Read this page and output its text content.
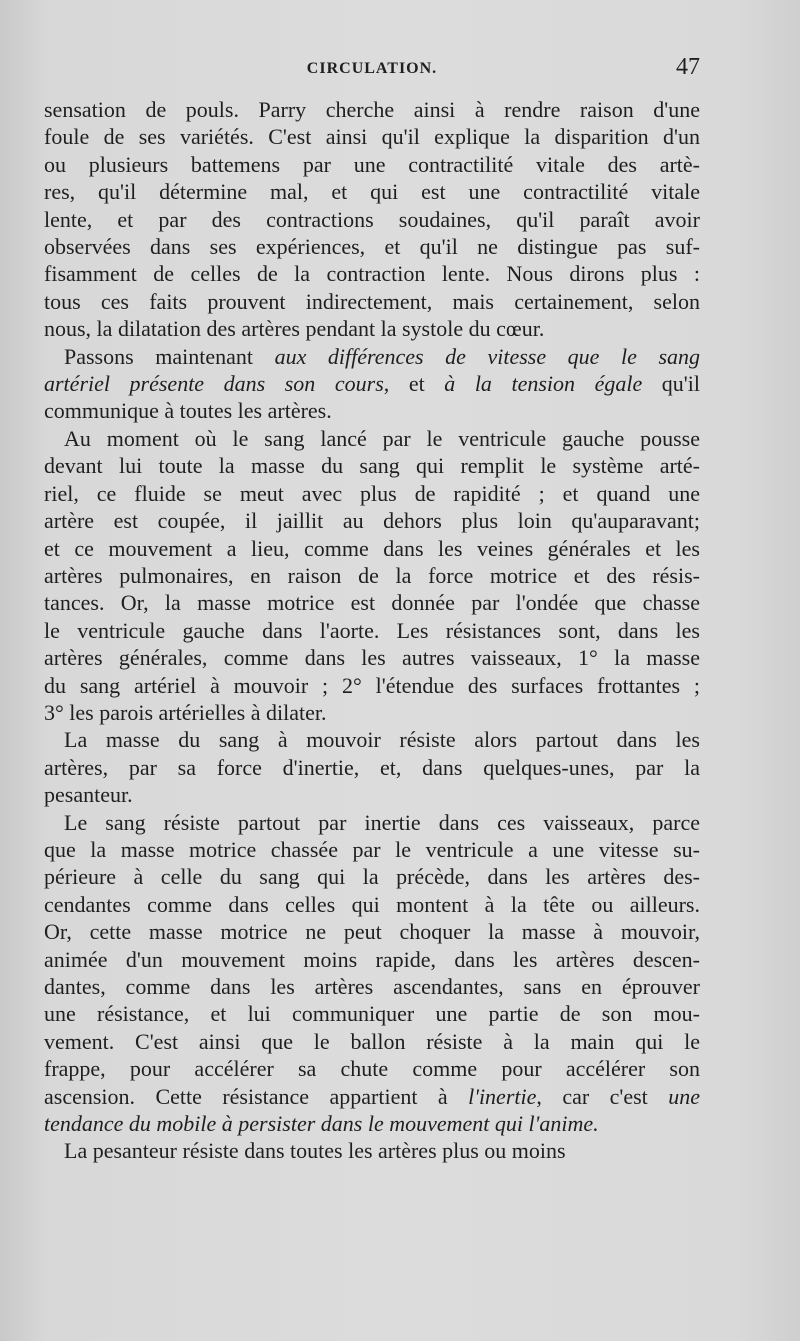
CIRCULATION.	47

sensation de pouls. Parry cherche ainsi à rendre raison d'une
foule de ses variétés. C'est ainsi qu'il explique la disparition d'un
ou plusieurs battemens par une contractilité vitale des artè-
res, qu'il détermine mal, et qui est une contractilité vitale
lente, et par des contractions soudaines, qu'il paraît avoir
observées dans ses expériences, et qu'il ne distingue pas suf-
fisamment de celles de la contraction lente. Nous dirons plus :
tous ces faits prouvent indirectement, mais certainement, selon
nous, la dilatation des artères pendant la systole du cœur.

Passons maintenant aux différences de vitesse que le sang
artériel présente dans son cours, et à la tension égale qu'il
communique à toutes les artères.

Au moment où le sang lancé par le ventricule gauche pousse
devant lui toute la masse du sang qui remplit le système arté-
riel, ce fluide se meut avec plus de rapidité ; et quand une
artère est coupée, il jaillit au dehors plus loin qu'auparavant;
et ce mouvement a lieu, comme dans les veines générales et les
artères pulmonaires, en raison de la force motrice et des résis-
tances. Or, la masse motrice est donnée par l'ondée que chasse
le ventricule gauche dans l'aorte. Les résistances sont, dans les
artères générales, comme dans les autres vaisseaux, 1° la masse
du sang artériel à mouvoir ; 2° l'étendue des surfaces frottantes ;
3° les parois artérielles à dilater.

La masse du sang à mouvoir résiste alors partout dans les
artères, par sa force d'inertie, et, dans quelques-unes, par la
pesanteur.

Le sang résiste partout par inertie dans ces vaisseaux, parce
que la masse motrice chassée par le ventricule a une vitesse su-
périeure à celle du sang qui la précède, dans les artères des-
cendantes comme dans celles qui montent à la tête ou ailleurs.
Or, cette masse motrice ne peut choquer la masse à mouvoir,
animée d'un mouvement moins rapide, dans les artères descen-
dantes, comme dans les artères ascendantes, sans en éprouver
une résistance, et lui communiquer une partie de son mou-
vement. C'est ainsi que le ballon résiste à la main qui le
frappe, pour accélérer sa chute comme pour accélérer son
ascension. Cette résistance appartient à l'inertie, car c'est une
tendance du mobile à persister dans le mouvement qui l'anime.

La pesanteur résiste dans toutes les artères plus ou moins
